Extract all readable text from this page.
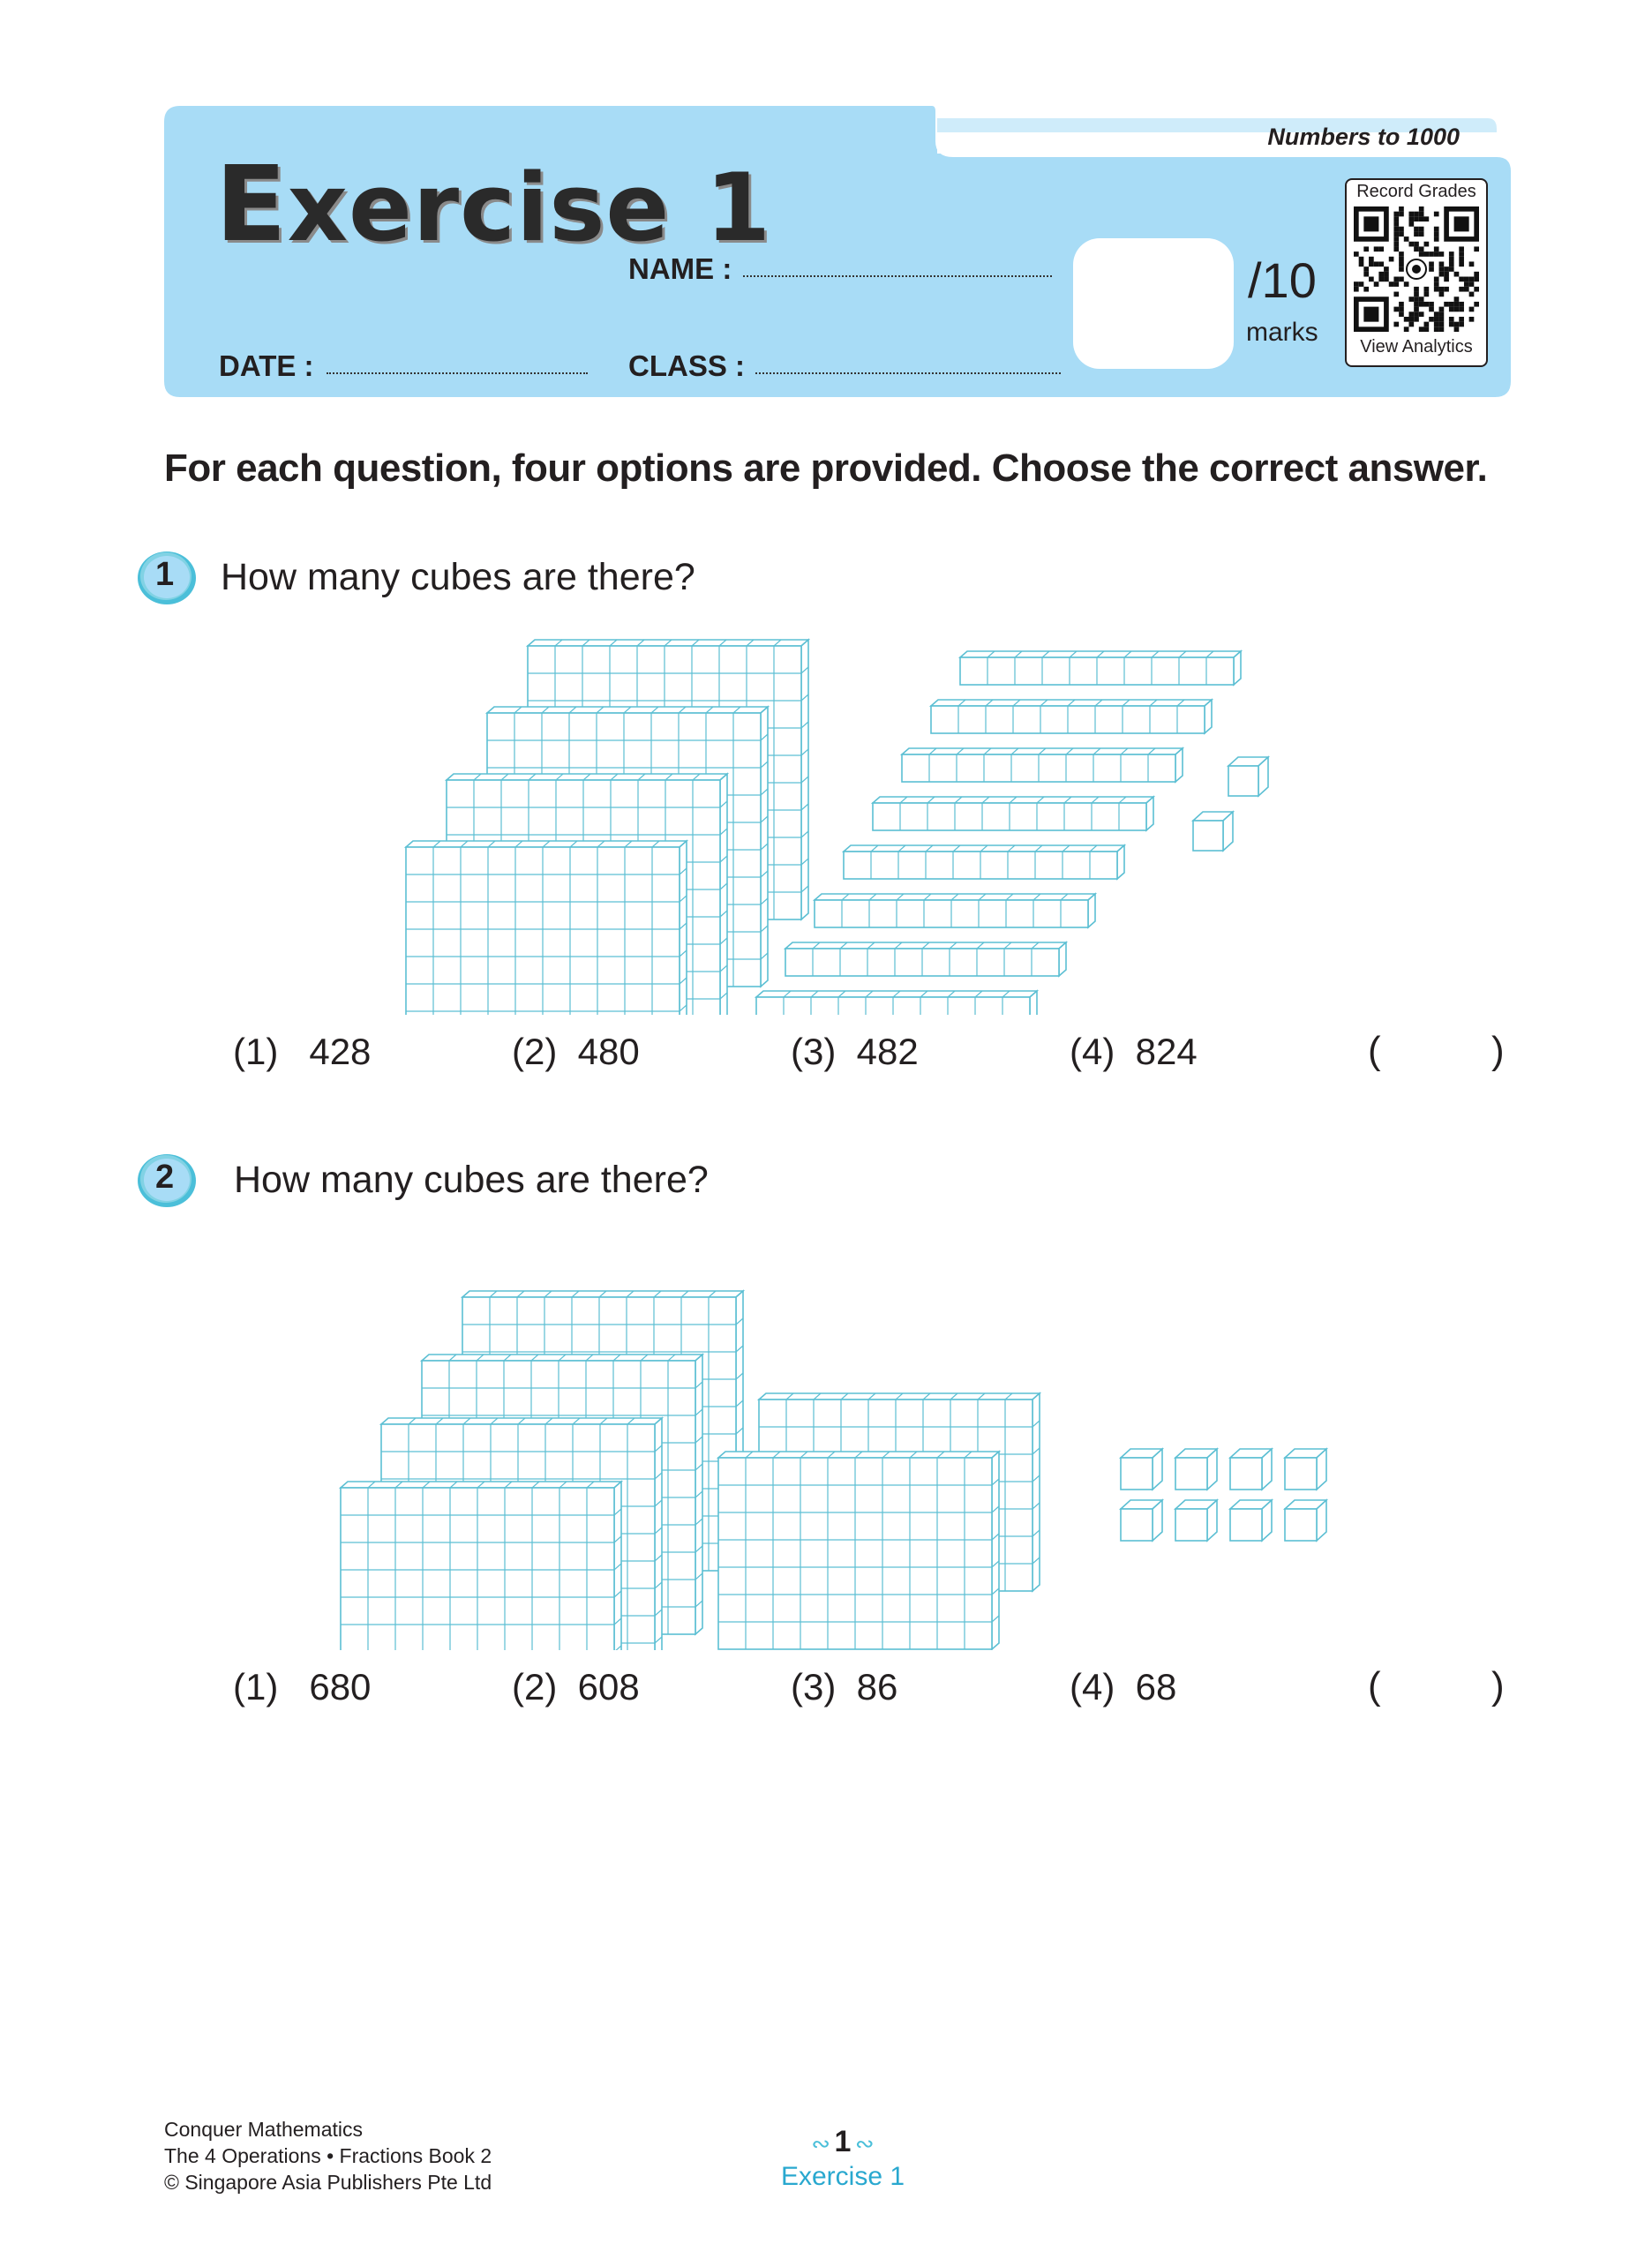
Numbers to 1000
Exercise 1
NAME :
DATE :	CLASS :
/10
marks
Record Grades
View Analytics
For each question, four options are provided. Choose the correct answer.
1 How many cubes are there?
(1)   428	(2)  480	(3)  482	(4)  824	(	)
2 How many cubes are there?
(1)   680	(2)  608	(3)  86	(4)  68	(	)
Conquer Mathematics
The 4 Operations • Fractions Book 2
© Singapore Asia Publishers Pte Ltd
∾ 1 ∾
Exercise 1
